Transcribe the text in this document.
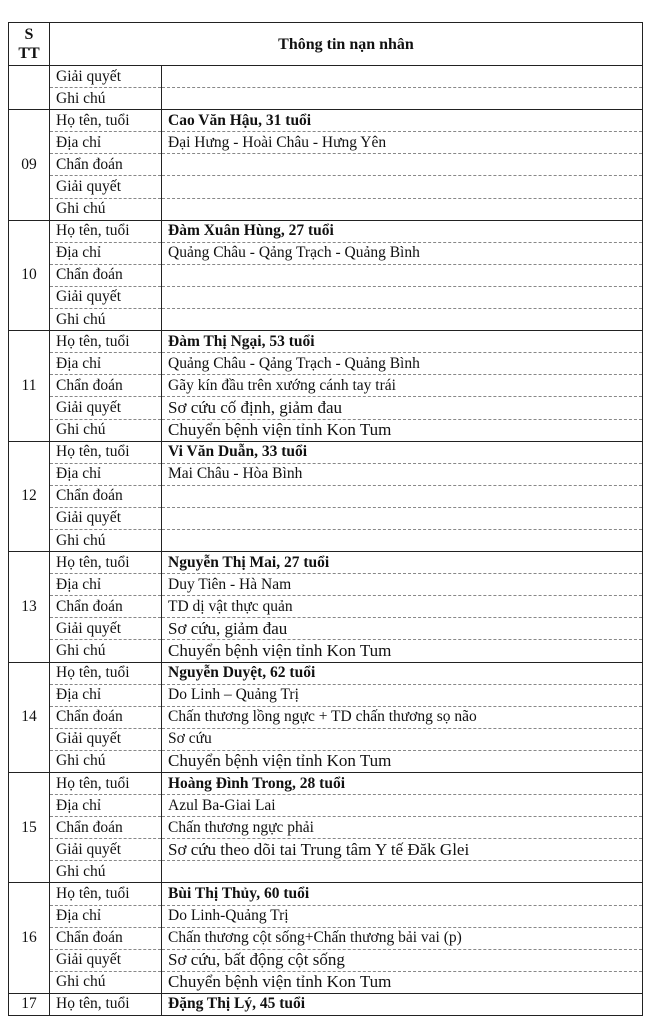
S
TT	Thông tin nạn nhân	
	Giải quyết	
	Ghi chú	
09	Họ tên, tuổi	Cao Văn Hậu, 31 tuổi
	Địa chỉ	Đại Hưng - Hoài Châu - Hưng Yên
	Chẩn đoán	
	Giải quyết	
	Ghi chú	
10	Họ tên, tuổi	Đàm Xuân Hùng, 27 tuổi
	Địa chỉ	Quảng Châu - Qảng Trạch - Quảng Bình
	Chẩn đoán	
	Giải quyết	
	Ghi chú	
11	Họ tên, tuổi	Đàm Thị Ngại, 53 tuổi
	Địa chỉ	Quảng Châu - Qảng Trạch - Quảng Bình
	Chẩn đoán	Gãy kín đầu trên xướng cánh tay trái
	Giải quyết	Sơ cứu cố định, giảm đau
	Ghi chú	Chuyển bệnh viện tỉnh Kon Tum
12	Họ tên, tuổi	Vi Văn Duẫn, 33 tuổi
	Địa chỉ	Mai Châu - Hòa Bình
	Chẩn đoán	
	Giải quyết	
	Ghi chú	
13	Họ tên, tuổi	Nguyễn Thị Mai, 27 tuổi
	Địa chỉ	Duy Tiên - Hà Nam
	Chẩn đoán	TD dị vật thực quản
	Giải quyết	Sơ cứu, giảm đau
	Ghi chú	Chuyển bệnh viện tỉnh Kon Tum
14	Họ tên, tuổi	Nguyễn Duyệt, 62 tuổi
	Địa chỉ	Do Linh – Quảng Trị
	Chẩn đoán	Chấn thương lồng ngực + TD chấn thương sọ não
	Giải quyết	Sơ cứu
	Ghi chú	Chuyển bệnh viện tỉnh Kon Tum
15	Họ tên, tuổi	Hoàng Đình Trong, 28 tuổi
	Địa chỉ	Azul Ba-Giai Lai
	Chẩn đoán	Chấn thương ngực phải
	Giải quyết	Sơ cứu theo dõi tai Trung tâm Y tế Đăk Glei
	Ghi chú	
16	Họ tên, tuổi	Bùi Thị Thủy, 60 tuổi
	Địa chỉ	Do Linh-Quảng Trị
	Chẩn đoán	Chấn thương cột sống+Chấn thương bải vai (p)
	Giải quyết	Sơ cứu, bất động cột sống
	Ghi chú	Chuyển bệnh viện tỉnh Kon Tum
17	Họ tên, tuổi	Đặng Thị Lý, 45 tuổi
